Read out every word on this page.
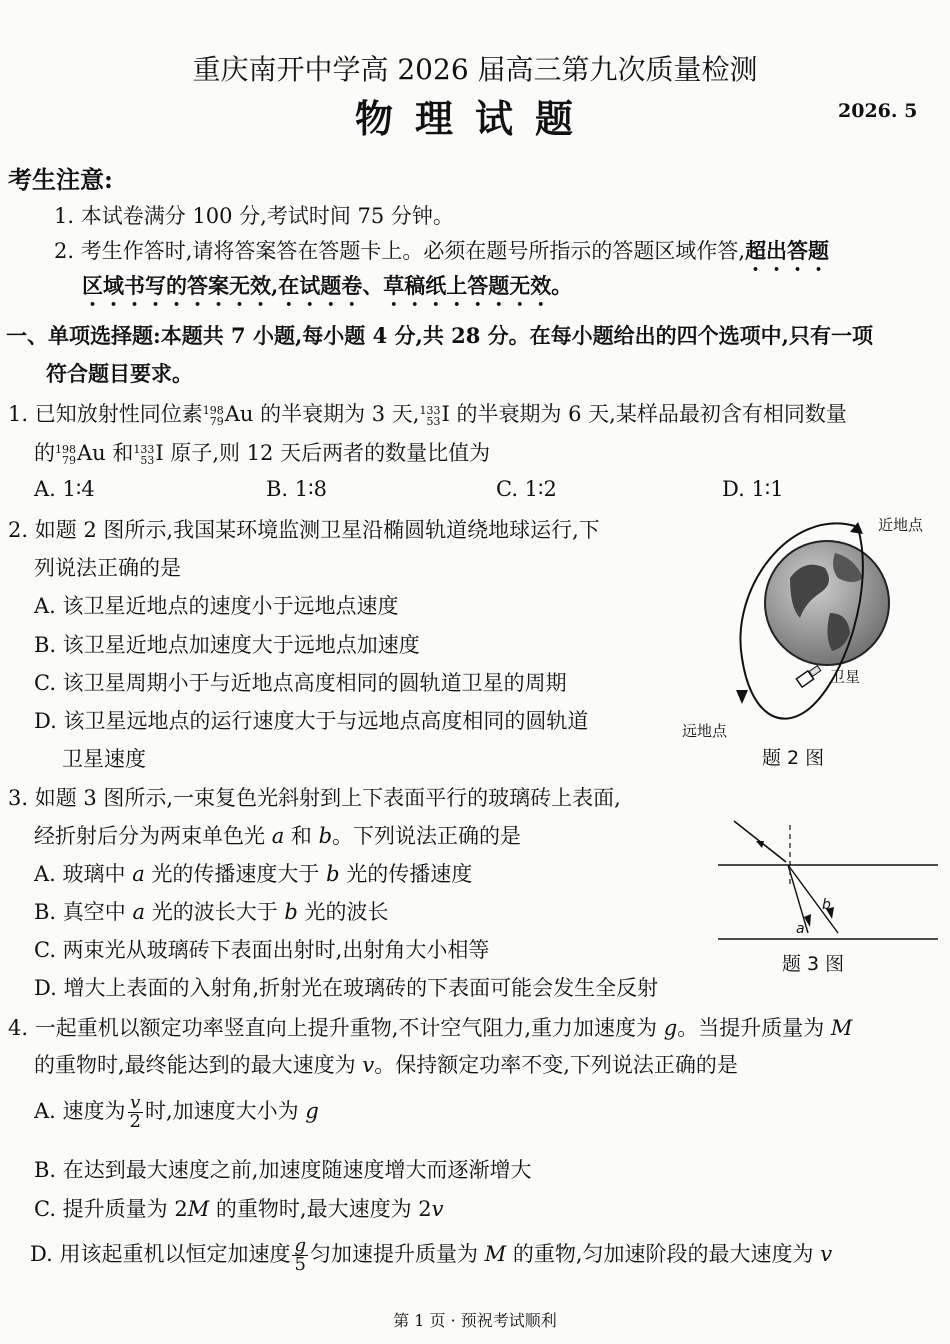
重庆南开中学高 2026 届高三第九次质量检测
物理试题	2026. 5
考生注意:
1. 本试卷满分 100 分,考试时间 75 分钟。
2. 考生作答时,请将答案答在答题卡上。必须在题号所指示的答题区域作答,超出答题
区域书写的答案无效,在试题卷、草稿纸上答题无效。
一、单项选择题:本题共 7 小题,每小题 4 分,共 28 分。在每小题给出的四个选项中,只有一项
符合题目要求。
1. 已知放射性同位素 198
79 Au 的半衰期为 3 天, 133
53 I 的半衰期为 6 天,某样品最初含有相同数量
的 198
79 Au 和 133
53 I 原子,则 12 天后两者的数量比值为
A. 1∶4	B. 1∶8	C. 1∶2	D. 1∶1
2. 如题 2 图所示,我国某环境监测卫星沿椭圆轨道绕地球运行,下
列说法正确的是
A. 该卫星近地点的速度小于远地点速度
B. 该卫星近地点加速度大于远地点加速度
C. 该卫星周期小于与近地点高度相同的圆轨道卫星的周期
D. 该卫星远地点的运行速度大于与远地点高度相同的圆轨道
卫星速度
近地点
卫星
远地点
题 2 图
3. 如题 3 图所示,一束复色光斜射到上下表面平行的玻璃砖上表面,
经折射后分为两束单色光 a 和 b。下列说法正确的是
A. 玻璃中 a 光的传播速度大于 b 光的传播速度
B. 真空中 a 光的波长大于 b 光的波长
C. 两束光从玻璃砖下表面出射时,出射角大小相等
D. 增大上表面的入射角,折射光在玻璃砖的下表面可能会发生全反射
a
b
题 3 图
4. 一起重机以额定功率竖直向上提升重物,不计空气阻力,重力加速度为 g。当提升质量为 M
的重物时,最终能达到的最大速度为 v。保持额定功率不变,下列说法正确的是
A. 速度为 $\frac{v}{2}$ 时,加速度大小为 g
B. 在达到最大速度之前,加速度随速度增大而逐渐增大
C. 提升质量为 2M 的重物时,最大速度为 2v
D. 用该起重机以恒定加速度 $\frac{g}{5}$ 匀加速提升质量为 M 的重物,匀加速阶段的最大速度为 v
第 1 页 · 预祝考试顺利
